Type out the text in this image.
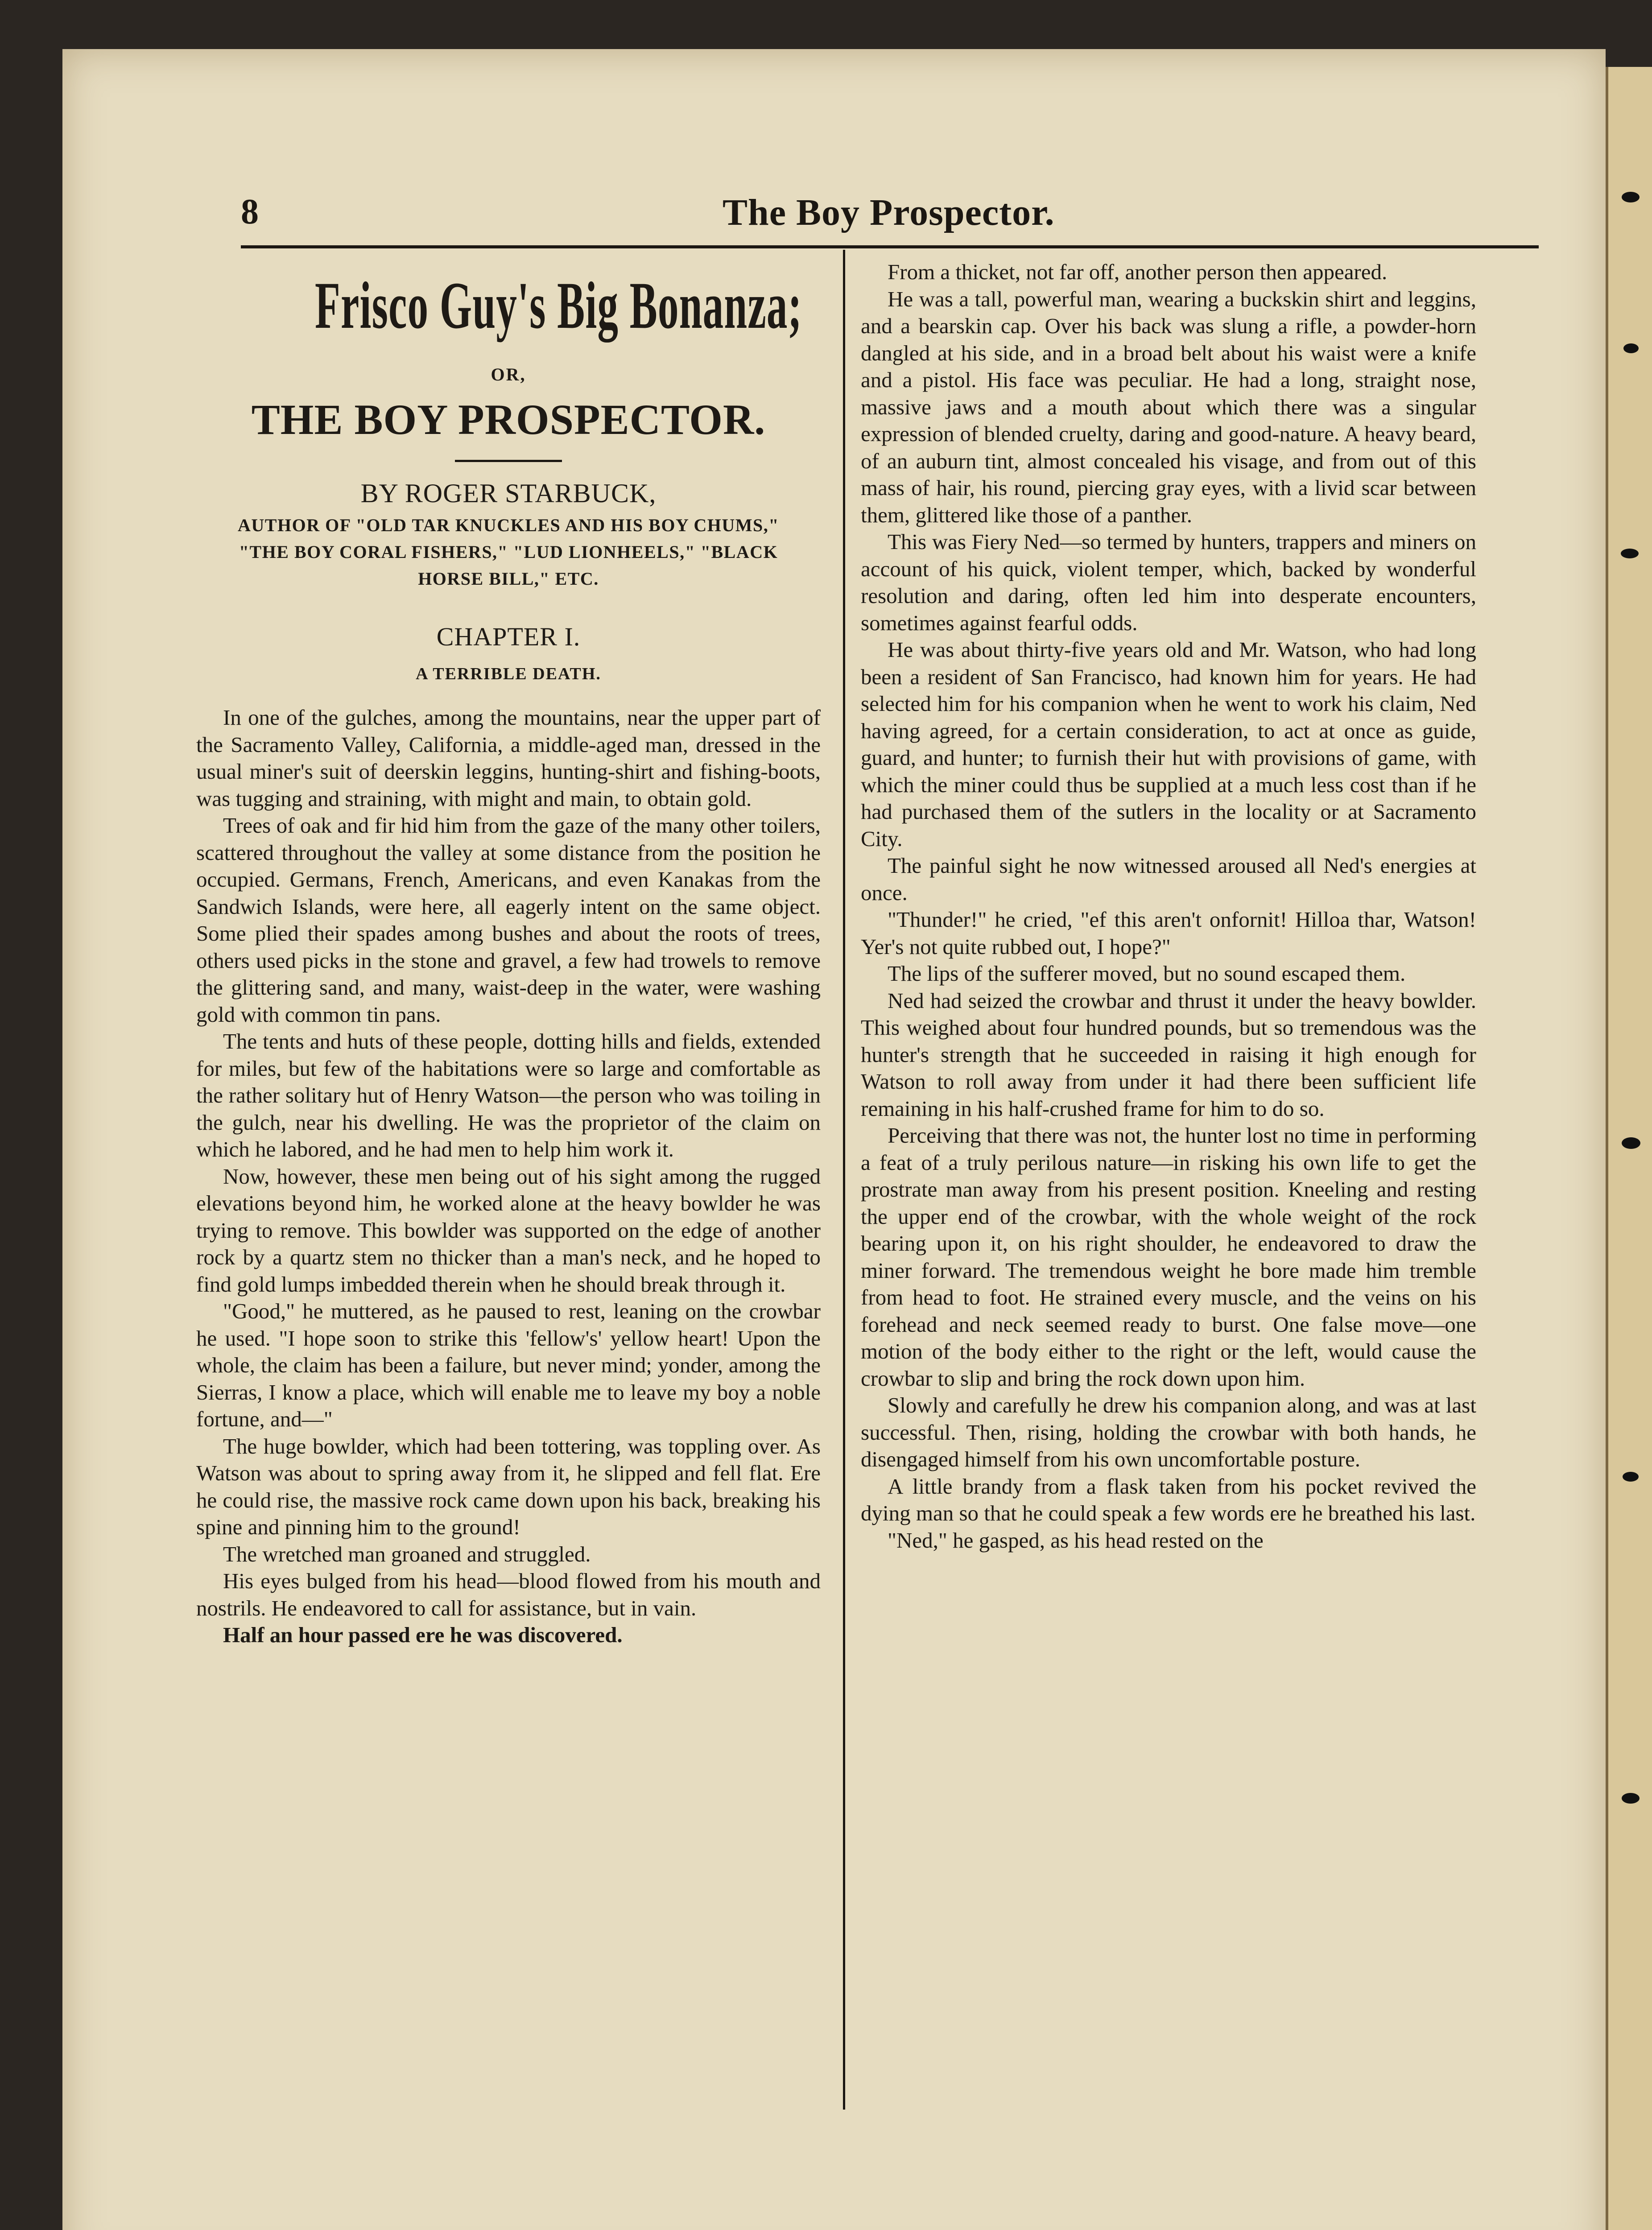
8	The Boy Prospector.
Frisco Guy's Big Bonanza;
OR,
THE BOY PROSPECTOR.
BY ROGER STARBUCK,
AUTHOR OF "OLD TAR KNUCKLES AND HIS BOY CHUMS," "THE BOY CORAL FISHERS," "LUD LIONHEELS," "BLACK HORSE BILL," ETC.
CHAPTER I.
A TERRIBLE DEATH.

In one of the gulches, among the mountains, near the upper part of the Sacramento Valley, California, a middle-aged man, dressed in the usual miner's suit of deerskin leggins, hunting-shirt and fishing-boots, was tugging and straining, with might and main, to obtain gold.

Trees of oak and fir hid him from the gaze of the many other toilers, scattered throughout the valley at some distance from the position he occupied. Germans, French, Americans, and even Kanakas from the Sandwich Islands, were here, all eagerly intent on the same object. Some plied their spades among bushes and about the roots of trees, others used picks in the stone and gravel, a few had trowels to remove the glittering sand, and many, waist-deep in the water, were washing gold with common tin pans.

The tents and huts of these people, dotting hills and fields, extended for miles, but few of the habitations were so large and comfortable as the rather solitary hut of Henry Watson—the person who was toiling in the gulch, near his dwelling. He was the proprietor of the claim on which he labored, and he had men to help him work it.

Now, however, these men being out of his sight among the rugged elevations beyond him, he worked alone at the heavy bowlder he was trying to remove. This bowlder was supported on the edge of another rock by a quartz stem no thicker than a man's neck, and he hoped to find gold lumps imbedded therein when he should break through it.

"Good," he muttered, as he paused to rest, leaning on the crowbar he used. "I hope soon to strike this 'fellow's' yellow heart! Upon the whole, the claim has been a failure, but never mind; yonder, among the Sierras, I know a place, which will enable me to leave my boy a noble fortune, and—"

The huge bowlder, which had been tottering, was toppling over. As Watson was about to spring away from it, he slipped and fell flat. Ere he could rise, the massive rock came down upon his back, breaking his spine and pinning him to the ground!

The wretched man groaned and struggled.

His eyes bulged from his head—blood flowed from his mouth and nostrils. He endeavored to call for assistance, but in vain.

Half an hour passed ere he was discovered.

From a thicket, not far off, another person then appeared.

He was a tall, powerful man, wearing a buckskin shirt and leggins, and a bearskin cap. Over his back was slung a rifle, a powder-horn dangled at his side, and in a broad belt about his waist were a knife and a pistol. His face was peculiar. He had a long, straight nose, massive jaws and a mouth about which there was a singular expression of blended cruelty, daring and good-nature. A heavy beard, of an auburn tint, almost concealed his visage, and from out of this mass of hair, his round, piercing gray eyes, with a livid scar between them, glittered like those of a panther.

This was Fiery Ned—so termed by hunters, trappers and miners on account of his quick, violent temper, which, backed by wonderful resolution and daring, often led him into desperate encounters, sometimes against fearful odds.

He was about thirty-five years old and Mr. Watson, who had long been a resident of San Francisco, had known him for years. He had selected him for his companion when he went to work his claim, Ned having agreed, for a certain consideration, to act at once as guide, guard, and hunter; to furnish their hut with provisions of game, with which the miner could thus be supplied at a much less cost than if he had purchased them of the sutlers in the locality or at Sacramento City.

The painful sight he now witnessed aroused all Ned's energies at once.

"Thunder!" he cried, "ef this aren't onfornit! Hilloa thar, Watson! Yer's not quite rubbed out, I hope?"

The lips of the sufferer moved, but no sound escaped them.

Ned had seized the crowbar and thrust it under the heavy bowlder. This weighed about four hundred pounds, but so tremendous was the hunter's strength that he succeeded in raising it high enough for Watson to roll away from under it had there been sufficient life remaining in his half-crushed frame for him to do so.

Perceiving that there was not, the hunter lost no time in performing a feat of a truly perilous nature—in risking his own life to get the prostrate man away from his present position. Kneeling and resting the upper end of the crowbar, with the whole weight of the rock bearing upon it, on his right shoulder, he endeavored to draw the miner forward. The tremendous weight he bore made him tremble from head to foot. He strained every muscle, and the veins on his forehead and neck seemed ready to burst. One false move—one motion of the body either to the right or the left, would cause the crowbar to slip and bring the rock down upon him.

Slowly and carefully he drew his companion along, and was at last successful. Then, rising, holding the crowbar with both hands, he disengaged himself from his own uncomfortable posture.

A little brandy from a flask taken from his pocket revived the dying man so that he could speak a few words ere he breathed his last.

"Ned," he gasped, as his head rested on the
